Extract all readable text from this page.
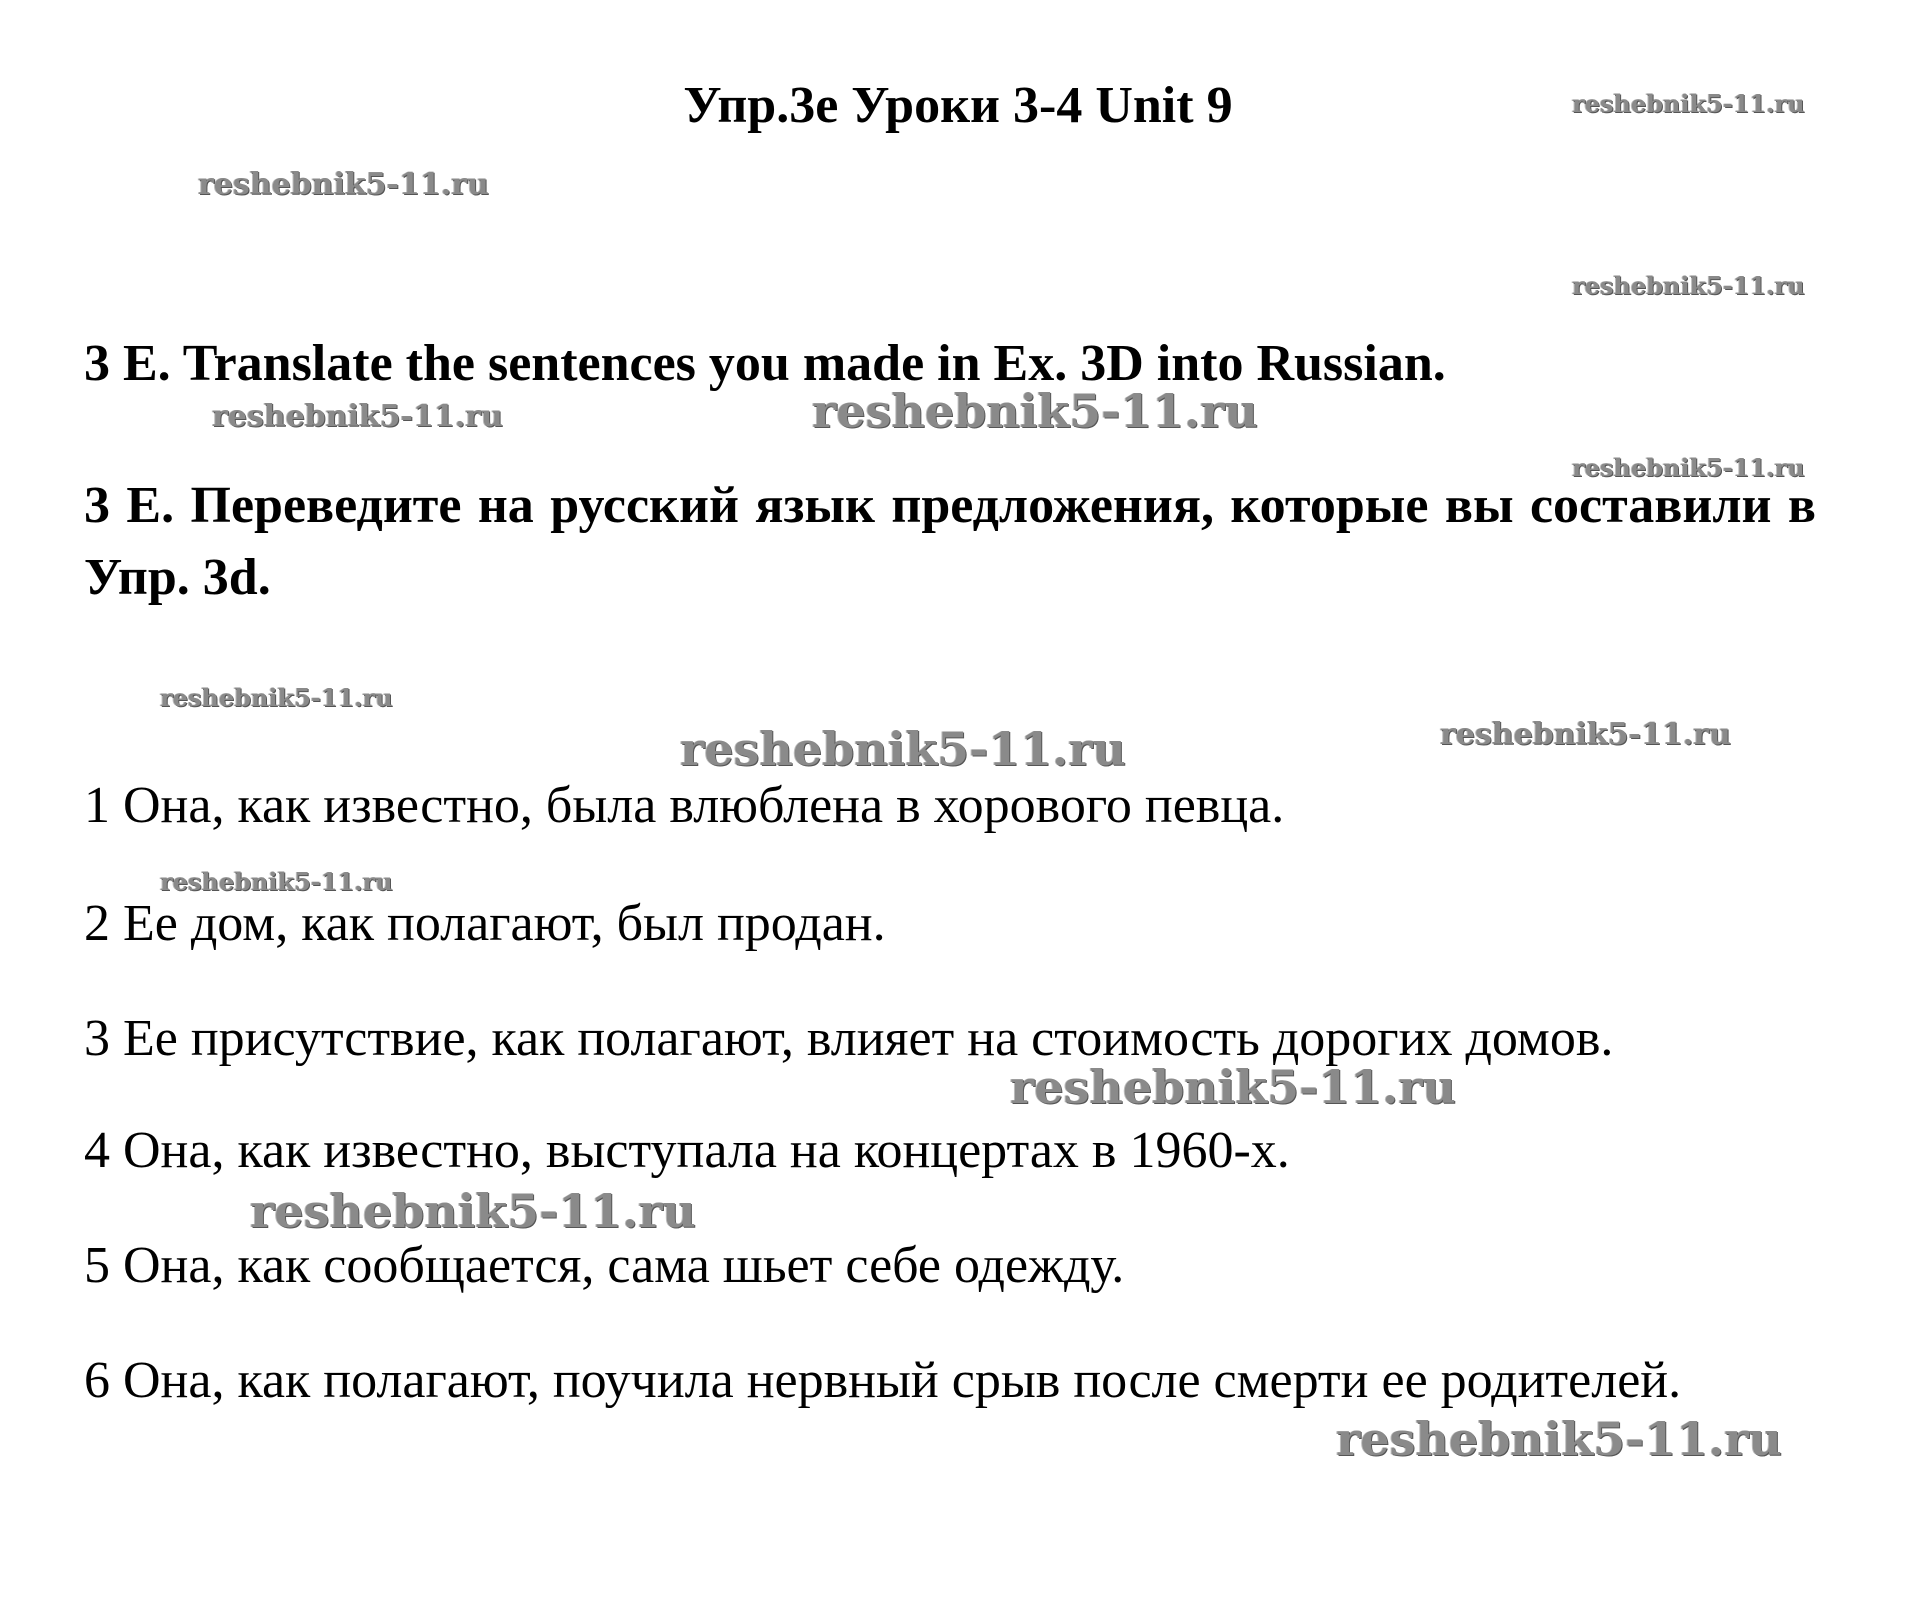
Упр.3е Уроки 3-4 Unit 9

3 E. Translate the sentences you made in Ex. 3D into Russian.

3 E. Переведите на русский язык предложения, которые вы составили в Упр. 3d.

1 Она, как известно, была влюблена в хорового певца.

2 Ее дом, как полагают, был продан.

3 Ее присутствие, как полагают, влияет на стоимость дорогих домов.

4 Она, как известно, выступала на концертах в 1960-х.

5 Она, как сообщается, сама шьет себе одежду.

6 Она, как полагают, поучила нервный срыв после смерти ее родителей.

reshebnik5-11.ru
reshebnik5-11.ru
reshebnik5-11.ru
reshebnik5-11.ru	reshebnik5-11.ru
reshebnik5-11.ru
reshebnik5-11.ru
reshebnik5-11.ru	reshebnik5-11.ru
reshebnik5-11.ru
reshebnik5-11.ru
reshebnik5-11.ru
reshebnik5-11.ru
